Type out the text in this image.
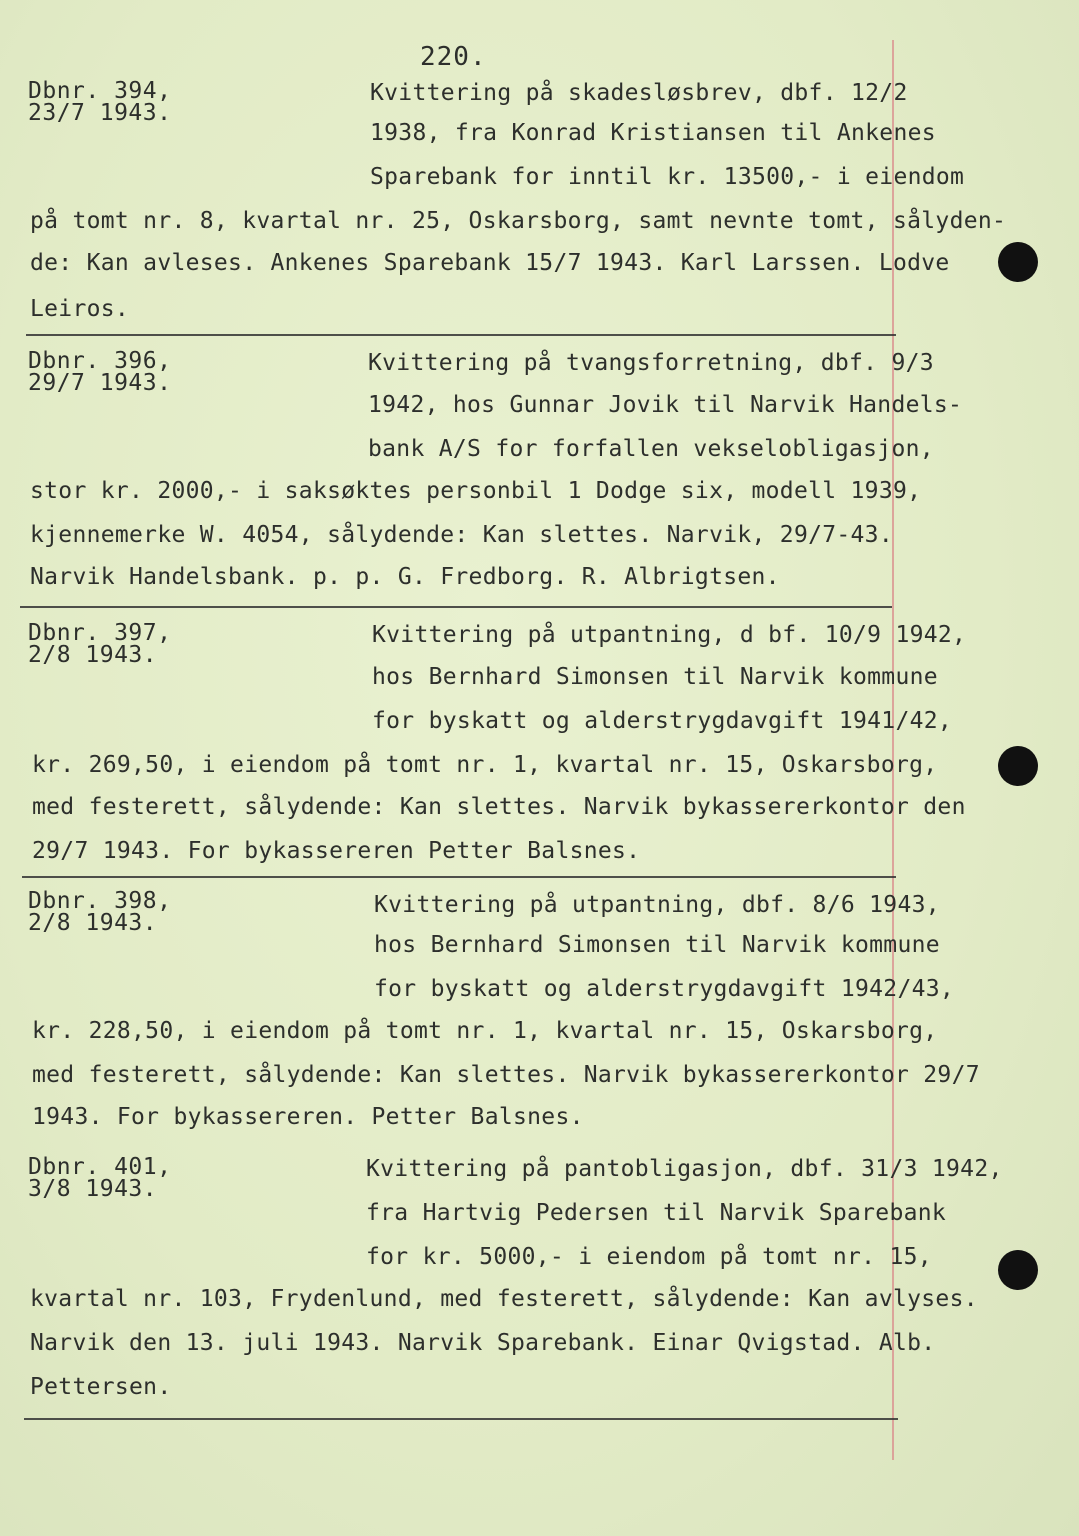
220.
Dbnr. 394,
23/7 1943.
Kvittering på skadesløsbrev, dbf. 12/2
1938, fra Konrad Kristiansen til Ankenes
Sparebank for inntil kr. 13500,- i eiendom
på tomt nr. 8, kvartal nr. 25, Oskarsborg, samt nevnte tomt, sålyden-
de: Kan avleses. Ankenes Sparebank 15/7 1943. Karl Larssen. Lodve
Leiros.
Dbnr. 396,
29/7 1943.
Kvittering på tvangsforretning, dbf. 9/3
1942, hos Gunnar Jovik til Narvik Handels-
bank A/S for forfallen vekselobligasjon,
stor kr. 2000,- i saksøktes personbil 1 Dodge six, modell 1939,
kjennemerke W. 4054, sålydende: Kan slettes. Narvik, 29/7-43.
Narvik Handelsbank. p. p. G. Fredborg. R. Albrigtsen.
Dbnr. 397,
2/8 1943.
Kvittering på utpantning, d bf. 10/9 1942,
hos Bernhard Simonsen til Narvik kommune
for byskatt og alderstrygdavgift 1941/42,
kr. 269,50, i eiendom på tomt nr. 1, kvartal nr. 15, Oskarsborg,
med festerett, sålydende: Kan slettes. Narvik bykassererkontor den
29/7 1943. For bykassereren Petter Balsnes.
Dbnr. 398,
2/8 1943.
Kvittering på utpantning, dbf. 8/6 1943,
hos Bernhard Simonsen til Narvik kommune
for byskatt og alderstrygdavgift 1942/43,
kr. 228,50, i eiendom på tomt nr. 1, kvartal nr. 15, Oskarsborg,
med festerett, sålydende: Kan slettes. Narvik bykassererkontor 29/7
1943. For bykassereren. Petter Balsnes.
Dbnr. 401,
3/8 1943.
Kvittering på pantobligasjon, dbf. 31/3 1942,
fra Hartvig Pedersen til Narvik Sparebank
for kr. 5000,- i eiendom på tomt nr. 15,
kvartal nr. 103, Frydenlund, med festerett, sålydende: Kan avlyses.
Narvik den 13. juli 1943. Narvik Sparebank. Einar Qvigstad. Alb.
Pettersen.
